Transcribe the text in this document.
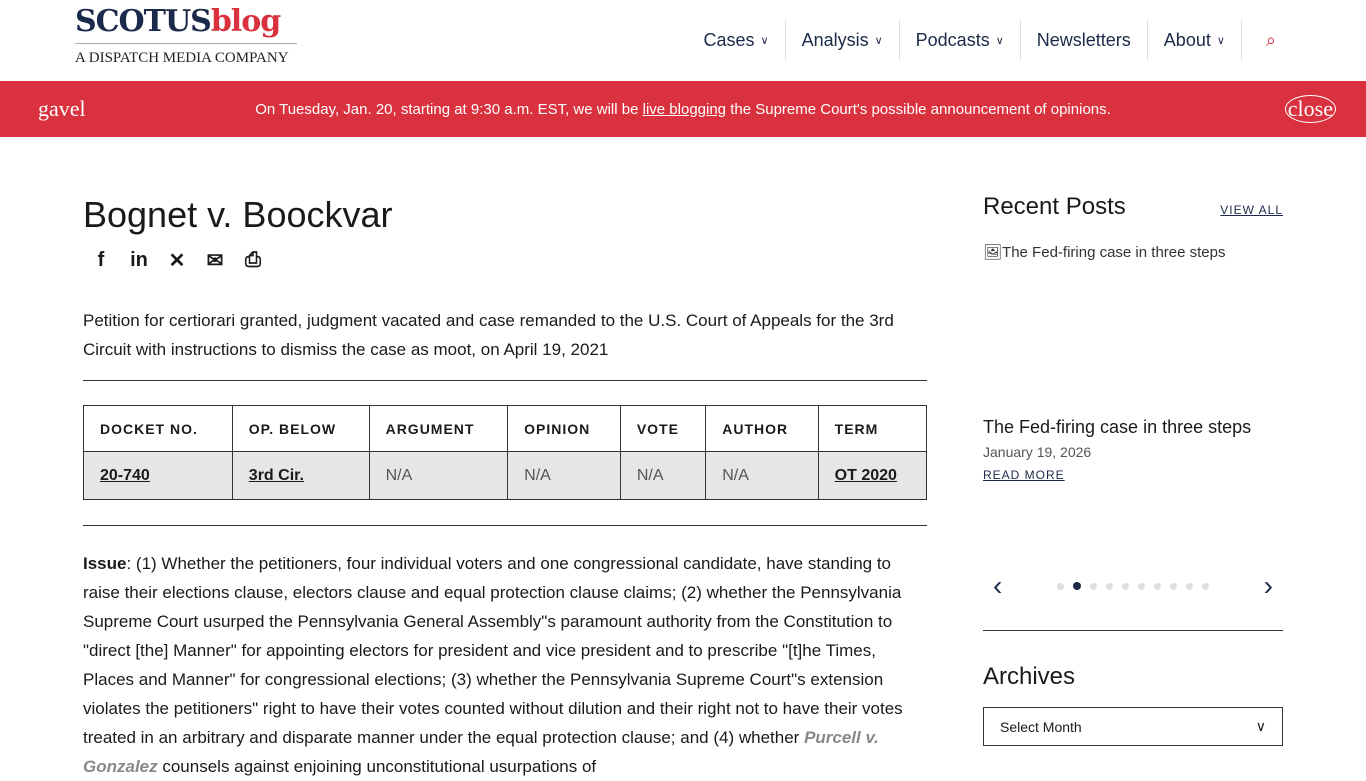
SCOTUSblog
A DISPATCH MEDIA COMPANY
Cases ∨ Analysis ∨ Podcasts ∨ Newsletters About ∨ ⌕
gavel	On Tuesday, Jan. 20, starting at 9:30 a.m. EST, we will be live blogging the Supreme Court's possible announcement of opinions.	close
Bognet v. Boockvar
f	in ✕ ✉ ⎙

Petition for certiorari granted, judgment vacated and case remanded to the U.S. Court of Appeals for the 3rd Circuit with instructions to dismiss the case as moot, on April 19, 2021

DOCKET NO.	OP. BELOW	ARGUMENT	OPINION	VOTE	AUTHOR	TERM
20-740	3rd Cir.	N/A	N/A	N/A	N/A	OT 2020

Issue: (1) Whether the petitioners, four individual voters and one congressional candidate, have standing to raise their elections clause, electors clause and equal protection clause claims; (2) whether the Pennsylvania Supreme Court usurped the Pennsylvania General Assembly"s paramount authority from the Constitution to "direct [the] Manner" for appointing electors for president and vice president and to prescribe "[t]he Times, Places and Manner" for congressional elections; (3) whether the Pennsylvania Supreme Court"s extension violates the petitioners" right to have their votes counted without dilution and their right not to have their votes treated in an arbitrary and disparate manner under the equal protection clause; and (4) whether Purcell v. Gonzalez counsels against enjoining unconstitutional usurpations of

Recent Posts	VIEW ALL
🖼The Fed-firing case in three steps
The Fed-firing case in three steps
January 19, 2026
READ MORE
‹	›
Archives
Select Month	∨
